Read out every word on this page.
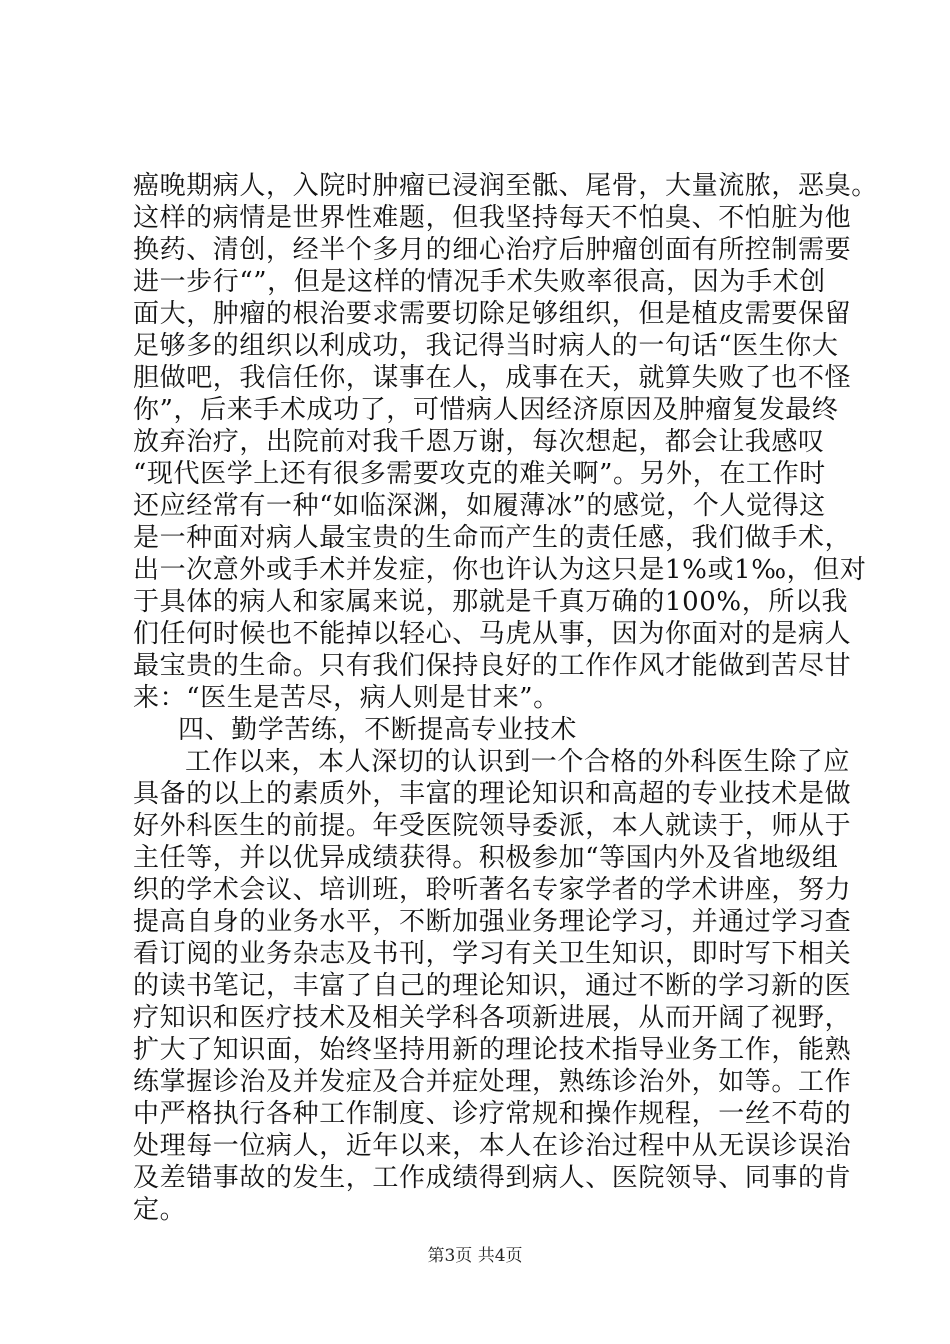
癌晚期病人，入院时肿瘤已浸润至骶、尾骨，大量流脓，恶臭。
这样的病情是世界性难题，但我坚持每天不怕臭、不怕脏为他
换药、清创，经半个多月的细心治疗后肿瘤创面有所控制需要
进一步行“”，但是这样的情况手术失败率很高，因为手术创
面大，肿瘤的根治要求需要切除足够组织，但是植皮需要保留
足够多的组织以利成功，我记得当时病人的一句话“医生你大
胆做吧，我信任你，谋事在人，成事在天，就算失败了也不怪
你”，后来手术成功了，可惜病人因经济原因及肿瘤复发最终
放弃治疗，出院前对我千恩万谢，每次想起，都会让我感叹
“现代医学上还有很多需要攻克的难关啊”。另外，在工作时
还应经常有一种“如临深渊，如履薄冰”的感觉，个人觉得这
是一种面对病人最宝贵的生命而产生的责任感，我们做手术，
出一次意外或手术并发症，你也许认为这只是1%或1‰，但对
于具体的病人和家属来说，那就是千真万确的100%，所以我
们任何时候也不能掉以轻心、马虎从事，因为你面对的是病人
最宝贵的生命。只有我们保持良好的工作作风才能做到苦尽甘
来：“医生是苦尽，病人则是甘来”。
四、勤学苦练，不断提高专业技术
工作以来，本人深切的认识到一个合格的外科医生除了应
具备的以上的素质外，丰富的理论知识和高超的专业技术是做
好外科医生的前提。年受医院领导委派，本人就读于，师从于
主任等，并以优异成绩获得。积极参加“等国内外及省地级组
织的学术会议、培训班，聆听著名专家学者的学术讲座，努力
提高自身的业务水平，不断加强业务理论学习，并通过学习查
看订阅的业务杂志及书刊，学习有关卫生知识，即时写下相关
的读书笔记，丰富了自己的理论知识，通过不断的学习新的医
疗知识和医疗技术及相关学科各项新进展，从而开阔了视野，
扩大了知识面，始终坚持用新的理论技术指导业务工作，能熟
练掌握诊治及并发症及合并症处理，熟练诊治外，如等。工作
中严格执行各种工作制度、诊疗常规和操作规程，一丝不苟的
处理每一位病人，近年以来，本人在诊治过程中从无误诊误治
及差错事故的发生，工作成绩得到病人、医院领导、同事的肯
定。
第3页 共4页
